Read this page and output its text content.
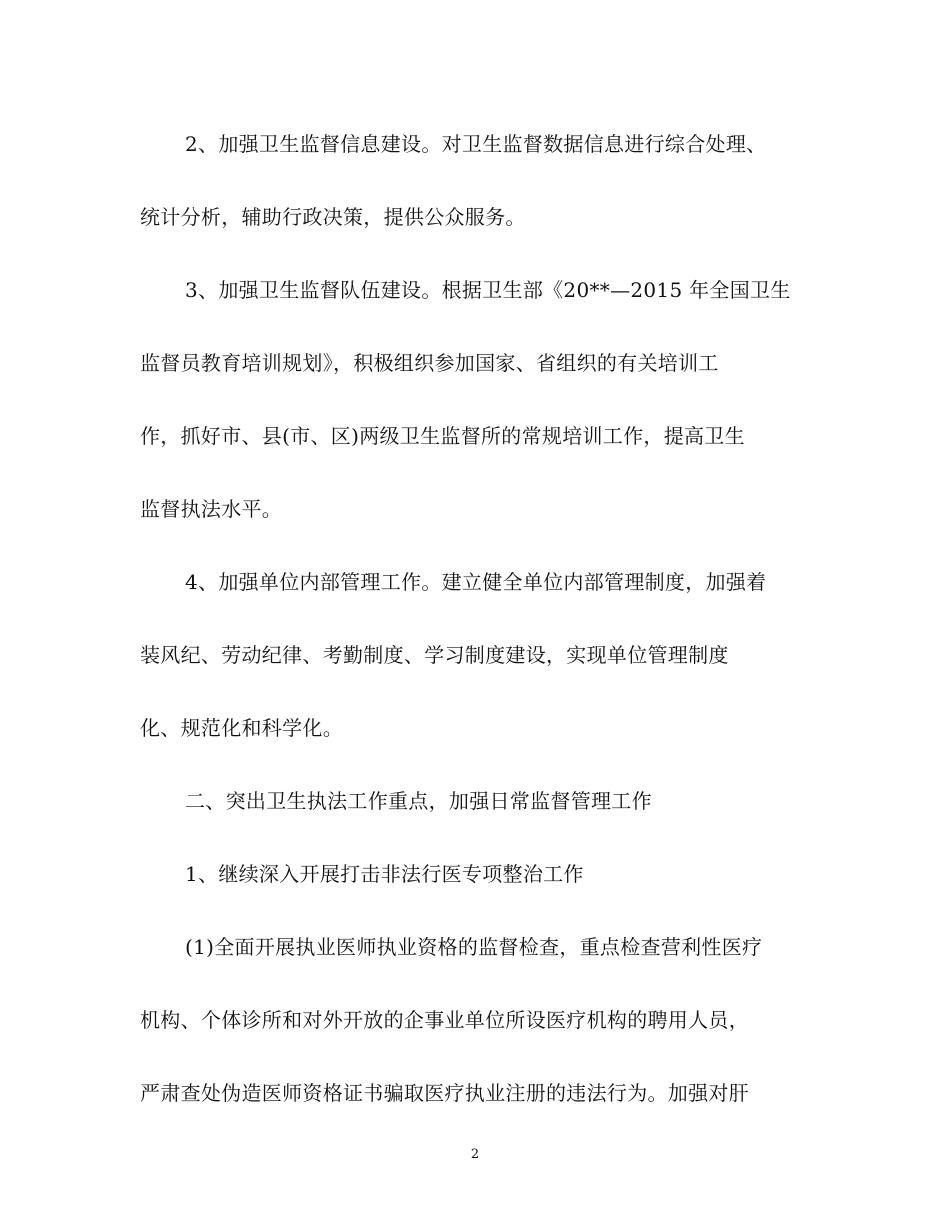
2、加强卫生监督信息建设。对卫生监督数据信息进行综合处理、
统计分析，辅助行政决策，提供公众服务。
3、加强卫生监督队伍建设。根据卫生部《20**—2015 年全国卫生
监督员教育培训规划》，积极组织参加国家、省组织的有关培训工
作，抓好市、县(市、区)两级卫生监督所的常规培训工作，提高卫生
监督执法水平。
4、加强单位内部管理工作。建立健全单位内部管理制度，加强着
装风纪、劳动纪律、考勤制度、学习制度建设，实现单位管理制度
化、规范化和科学化。
二、突出卫生执法工作重点，加强日常监督管理工作
1、继续深入开展打击非法行医专项整治工作
(1)全面开展执业医师执业资格的监督检查，重点检查营利性医疗
机构、个体诊所和对外开放的企事业单位所设医疗机构的聘用人员，
严肃查处伪造医师资格证书骗取医疗执业注册的违法行为。加强对肝
2
